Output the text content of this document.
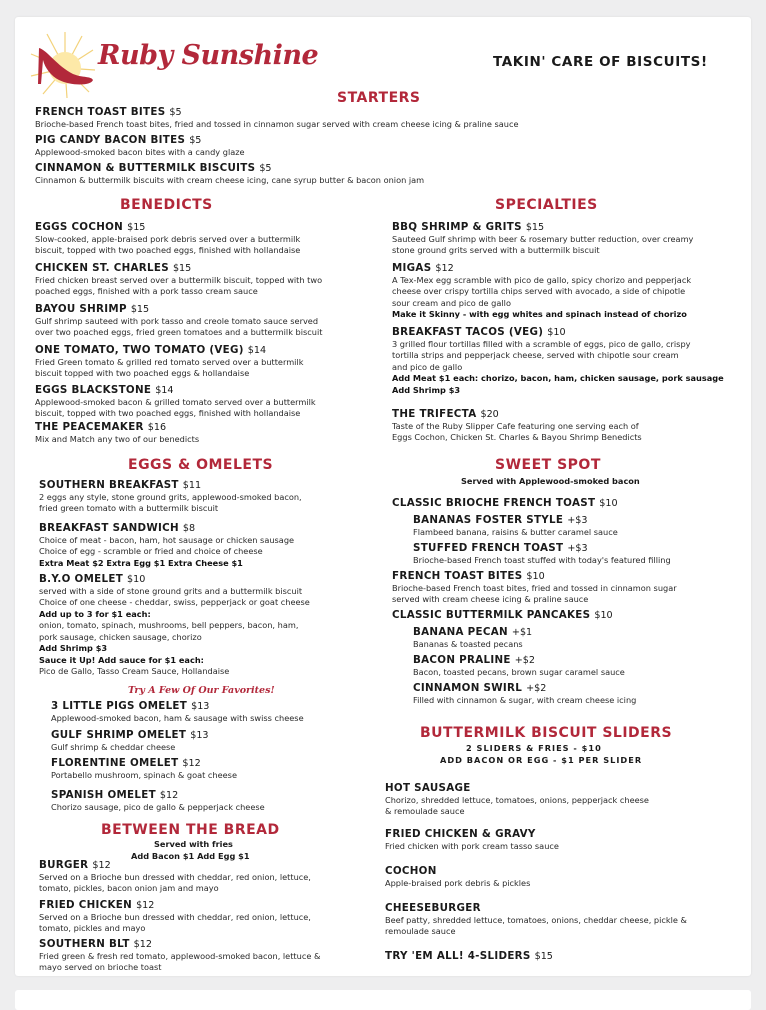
Ruby Sunshine	TAKIN' CARE OF BISCUITS!
STARTERS
BENEDICTS	SPECIALTIES
EGGS & OMELETS	SWEET SPOT
Served with Applewood-smoked bacon
BETWEEN THE BREAD
Served with fries
Add Bacon $1 Add Egg $1
BUTTERMILK BISCUIT SLIDERS
2 SLIDERS & FRIES - $10
ADD BACON OR EGG - $1 PER SLIDER
Try A Few Of Our Favorites!
FRENCH TOAST BITES $5
Brioche-based French toast bites, fried and tossed in cinnamon sugar served with cream cheese icing & praline sauce
PIG CANDY BACON BITES $5
Applewood-smoked bacon bites with a candy glaze
CINNAMON & BUTTERMILK BISCUITS $5
Cinnamon & buttermilk biscuits with cream cheese icing, cane syrup butter & bacon onion jam
EGGS COCHON $15
Slow-cooked, apple-braised pork debris served over a buttermilk
biscuit, topped with two poached eggs, finished with hollandaise
CHICKEN ST. CHARLES $15
Fried chicken breast served over a buttermilk biscuit, topped with two
poached eggs, finished with a pork tasso cream sauce
BAYOU SHRIMP $15
Gulf shrimp sauteed with pork tasso and creole tomato sauce served
over two poached eggs, fried green tomatoes and a buttermilk biscuit
ONE TOMATO, TWO TOMATO (VEG) $14
Fried Green tomato & grilled red tomato served over a buttermilk
biscuit topped with two poached eggs & hollandaise
EGGS BLACKSTONE $14
Applewood-smoked bacon & grilled tomato served over a buttermilk
biscuit, topped with two poached eggs, finished with hollandaise
THE PEACEMAKER $16
Mix and Match any two of our benedicts
BBQ SHRIMP & GRITS $15
Sauteed Gulf shrimp with beer & rosemary butter reduction, over creamy
stone ground grits served with a buttermilk biscuit
MIGAS $12
A Tex-Mex egg scramble with pico de gallo, spicy chorizo and pepperjack
cheese over crispy tortilla chips served with avocado, a side of chipotle
sour cream and pico de gallo
Make it Skinny - with egg whites and spinach instead of chorizo
BREAKFAST TACOS (VEG) $10
3 grilled flour tortillas filled with a scramble of eggs, pico de gallo, crispy
tortilla strips and pepperjack cheese, served with chipotle sour cream
and pico de gallo
Add Meat $1 each: chorizo, bacon, ham, chicken sausage, pork sausage
Add Shrimp $3
THE TRIFECTA $20
Taste of the Ruby Slipper Cafe featuring one serving each of
Eggs Cochon, Chicken St. Charles & Bayou Shrimp Benedicts
SOUTHERN BREAKFAST $11
2 eggs any style, stone ground grits, applewood-smoked bacon,
fried green tomato with a buttermilk biscuit
BREAKFAST SANDWICH $8
Choice of meat - bacon, ham, hot sausage or chicken sausage
Choice of egg - scramble or fried and choice of cheese
Extra Meat $2 Extra Egg $1 Extra Cheese $1
B.Y.O OMELET $10
served with a side of stone ground grits and a buttermilk biscuit
Choice of one cheese - cheddar, swiss, pepperjack or goat cheese
Add up to 3 for $1 each:
onion, tomato, spinach, mushrooms, bell peppers, bacon, ham,
pork sausage, chicken sausage, chorizo
Add Shrimp $3
Sauce it Up! Add sauce for $1 each:
Pico de Gallo, Tasso Cream Sauce, Hollandaise
3 LITTLE PIGS OMELET $13
Applewood-smoked bacon, ham & sausage with swiss cheese
GULF SHRIMP OMELET $13
Gulf shrimp & cheddar cheese
FLORENTINE OMELET $12
Portabello mushroom, spinach & goat cheese
SPANISH OMELET $12
Chorizo sausage, pico de gallo & pepperjack cheese
CLASSIC BRIOCHE FRENCH TOAST $10
BANANAS FOSTER STYLE +$3
Flambeed banana, raisins & butter caramel sauce
STUFFED FRENCH TOAST +$3
Brioche-based French toast stuffed with today's featured filling
FRENCH TOAST BITES $10
Brioche-based French toast bites, fried and tossed in cinnamon sugar
served with cream cheese icing & praline sauce
CLASSIC BUTTERMILK PANCAKES $10
BANANA PECAN +$1
Bananas & toasted pecans
BACON PRALINE +$2
Bacon, toasted pecans, brown sugar caramel sauce
CINNAMON SWIRL +$2
Filled with cinnamon & sugar, with cream cheese icing
BURGER $12
Served on a Brioche bun dressed with cheddar, red onion, lettuce,
tomato, pickles, bacon onion jam and mayo
FRIED CHICKEN $12
Served on a Brioche bun dressed with cheddar, red onion, lettuce,
tomato, pickles and mayo
SOUTHERN BLT $12
Fried green & fresh red tomato, applewood-smoked bacon, lettuce &
mayo served on brioche toast
HOT SAUSAGE
Chorizo, shredded lettuce, tomatoes, onions, pepperjack cheese
& remoulade sauce
FRIED CHICKEN & GRAVY
Fried chicken with pork cream tasso sauce
COCHON
Apple-braised pork debris & pickles
CHEESEBURGER
Beef patty, shredded lettuce, tomatoes, onions, cheddar cheese, pickle &
remoulade sauce
TRY 'EM ALL! 4-SLIDERS $15
